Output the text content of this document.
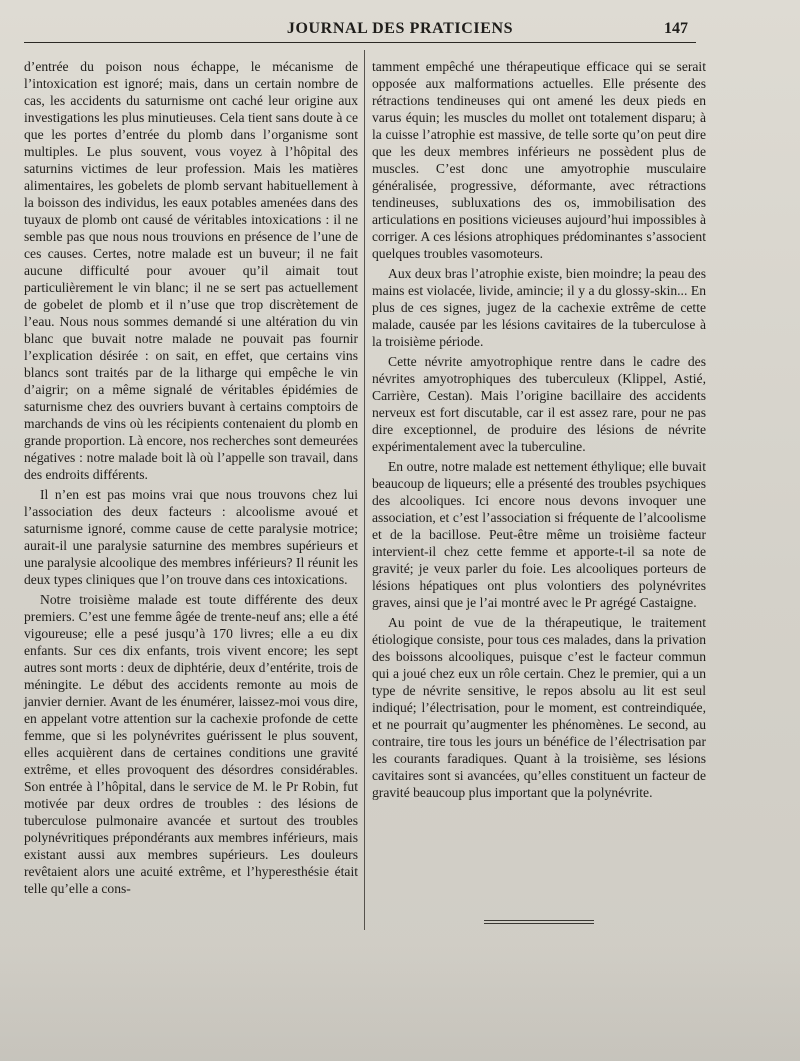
JOURNAL DES PRATICIENS	147

d’entrée du poison nous échappe, le mécanisme de l’intoxication est ignoré; mais, dans un certain nombre de cas, les accidents du saturnisme ont caché leur origine aux investigations les plus minutieuses. Cela tient sans doute à ce que les portes d’entrée du plomb dans l’organisme sont multiples. Le plus souvent, vous voyez à l’hôpital des saturnins victimes de leur profession. Mais les matières alimentaires, les gobelets de plomb servant habituellement à la boisson des individus, les eaux potables amenées dans des tuyaux de plomb ont causé de véritables intoxications : il ne semble pas que nous nous trouvions en présence de l’une de ces causes. Certes, notre malade est un buveur; il ne fait aucune difficulté pour avouer qu’il aimait tout particulièrement le vin blanc; il ne se sert pas actuellement de gobelet de plomb et il n’use que trop discrètement de l’eau. Nous nous sommes demandé si une altération du vin blanc que buvait notre malade ne pouvait pas fournir l’explication désirée : on sait, en effet, que certains vins blancs sont traités par de la litharge qui empêche le vin d’aigrir; on a même signalé de véritables épidémies de saturnisme chez des ouvriers buvant à certains comptoirs de marchands de vins où les récipients contenaient du plomb en grande proportion. Là encore, nos recherches sont demeurées négatives : notre malade boit là où l’appelle son travail, dans des endroits différents.

Il n’en est pas moins vrai que nous trouvons chez lui l’association des deux facteurs : alcoolisme avoué et saturnisme ignoré, comme cause de cette paralysie motrice; aurait-il une paralysie saturnine des membres supérieurs et une paralysie alcoolique des membres inférieurs? Il réunit les deux types cliniques que l’on trouve dans ces intoxications.

Notre troisième malade est toute différente des deux premiers. C’est une femme âgée de trente-neuf ans; elle a été vigoureuse; elle a pesé jusqu’à 170 livres; elle a eu dix enfants. Sur ces dix enfants, trois vivent encore; les sept autres sont morts : deux de diphtérie, deux d’entérite, trois de méningite. Le début des accidents remonte au mois de janvier dernier. Avant de les énumérer, laissez-moi vous dire, en appelant votre attention sur la cachexie profonde de cette femme, que si les polynévrites guérissent le plus souvent, elles acquièrent dans de certaines conditions une gravité extrême, et elles provoquent des désordres considérables. Son entrée à l’hôpital, dans le service de M. le Pr Robin, fut motivée par deux ordres de troubles : des lésions de tuberculose pulmonaire avancée et surtout des troubles polynévritiques prépondérants aux membres inférieurs, mais existant aussi aux membres supérieurs. Les douleurs revêtaient alors une acuité extrême, et l’hyperesthésie était telle qu’elle a cons-

tamment empêché une thérapeutique efficace qui se serait opposée aux malformations actuelles. Elle présente des rétractions tendineuses qui ont amené les deux pieds en varus équin; les muscles du mollet ont totalement disparu; à la cuisse l’atrophie est massive, de telle sorte qu’on peut dire que les deux membres inférieurs ne possèdent plus de muscles. C’est donc une amyotrophie musculaire généralisée, progressive, déformante, avec rétractions tendineuses, subluxations des os, immobilisation des articulations en positions vicieuses aujourd’hui impossibles à corriger. A ces lésions atrophiques prédominantes s’associent quelques troubles vasomoteurs.

Aux deux bras l’atrophie existe, bien moindre; la peau des mains est violacée, livide, amincie; il y a du glossy-skin... En plus de ces signes, jugez de la cachexie extrême de cette malade, causée par les lésions cavitaires de la tuberculose à la troisième période.

Cette névrite amyotrophique rentre dans le cadre des névrites amyotrophiques des tuberculeux (Klippel, Astié, Carrière, Cestan). Mais l’origine bacillaire des accidents nerveux est fort discutable, car il est assez rare, pour ne pas dire exceptionnel, de produire des lésions de névrite expérimentalement avec la tuberculine.

En outre, notre malade est nettement éthylique; elle buvait beaucoup de liqueurs; elle a présenté des troubles psychiques des alcooliques. Ici encore nous devons invoquer une association, et c’est l’association si fréquente de l’alcoolisme et de la bacillose. Peut-être même un troisième facteur intervient-il chez cette femme et apporte-t-il sa note de gravité; je veux parler du foie. Les alcooliques porteurs de lésions hépatiques ont plus volontiers des polynévrites graves, ainsi que je l’ai montré avec le Pr agrégé Castaigne.

Au point de vue de la thérapeutique, le traitement étiologique consiste, pour tous ces malades, dans la privation des boissons alcooliques, puisque c’est le facteur commun qui a joué chez eux un rôle certain. Chez le premier, qui a un type de névrite sensitive, le repos absolu au lit est seul indiqué; l’électrisation, pour le moment, est contreindiquée, et ne pourrait qu’augmenter les phénomènes. Le second, au contraire, tire tous les jours un bénéfice de l’électrisation par les courants faradiques. Quant à la troisième, ses lésions cavitaires sont si avancées, qu’elles constituent un facteur de gravité beaucoup plus important que la polynévrite.
